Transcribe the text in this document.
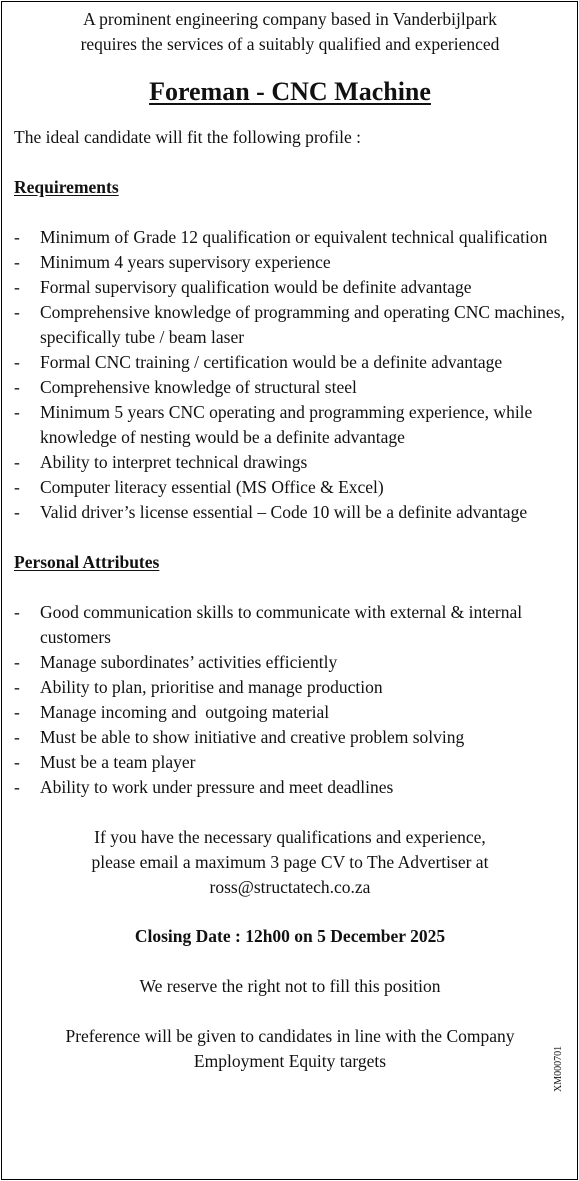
A prominent engineering company based in Vanderbijlpark
requires the services of a suitably qualified and experienced
Foreman - CNC Machine
The ideal candidate will fit the following profile :
Requirements
- Minimum of Grade 12 qualification or equivalent technical qualification
- Minimum 4 years supervisory experience
- Formal supervisory qualification would be definite advantage
- Comprehensive knowledge of programming and operating CNC machines, specifically tube / beam laser
- Formal CNC training / certification would be a definite advantage
- Comprehensive knowledge of structural steel
- Minimum 5 years CNC operating and programming experience, while knowledge of nesting would be a definite advantage
- Ability to interpret technical drawings
- Computer literacy essential (MS Office & Excel)
- Valid driver’s license essential – Code 10 will be a definite advantage
Personal Attributes
- Good communication skills to communicate with external & internal customers
- Manage subordinates’ activities efficiently
- Ability to plan, prioritise and manage production
- Manage incoming and  outgoing material
- Must be able to show initiative and creative problem solving
- Must be a team player
- Ability to work under pressure and meet deadlines
If you have the necessary qualifications and experience,
please email a maximum 3 page CV to The Advertiser at
ross@structatech.co.za
Closing Date : 12h00 on 5 December 2025
We reserve the right not to fill this position
Preference will be given to candidates in line with the Company
Employment Equity targets	XM000701
